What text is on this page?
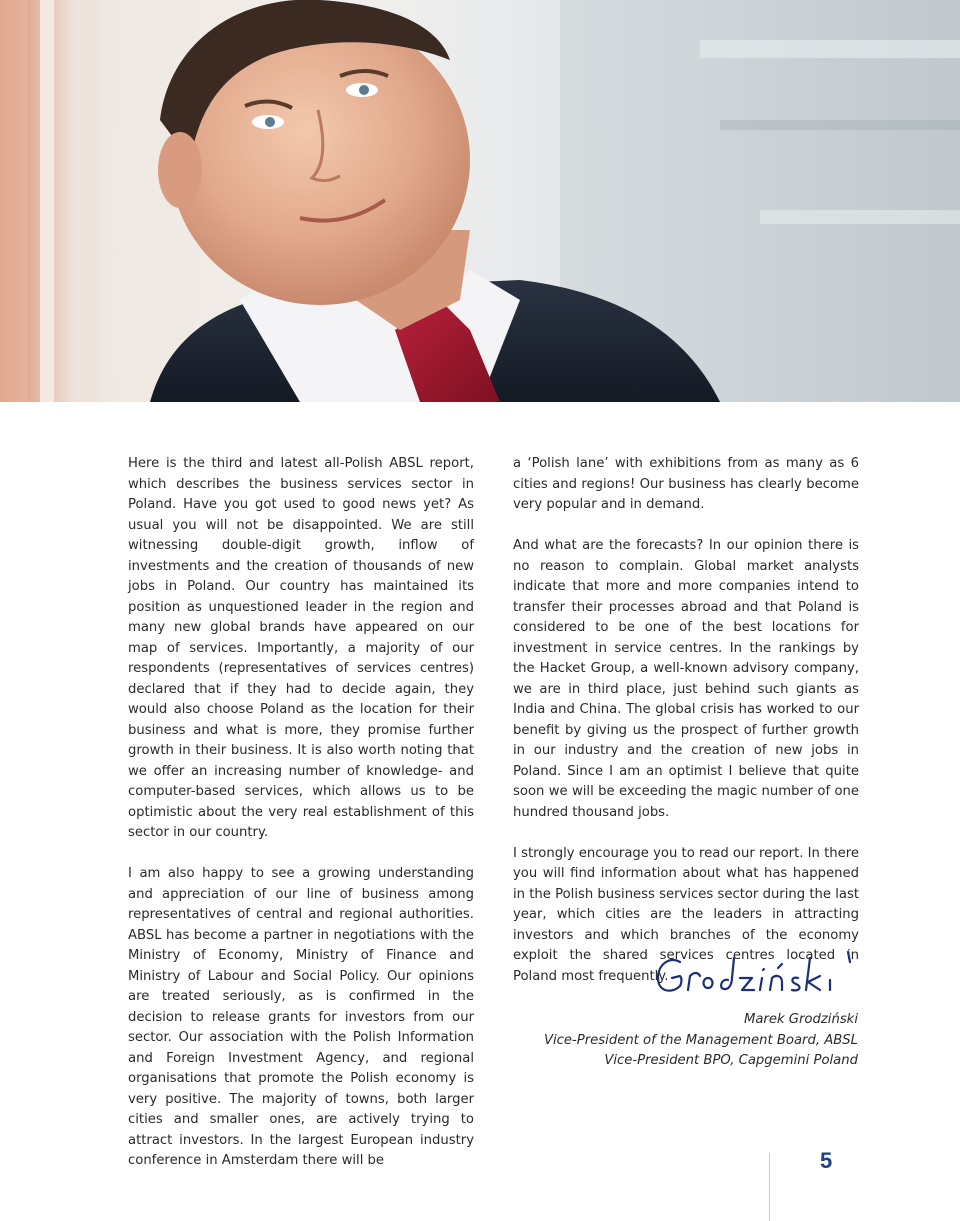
Here is the third and latest all-Polish ABSL report, which describes the business services sector in Poland. Have you got used to good news yet? As usual you will not be disappointed. We are still witnessing double-digit growth, inflow of investments and the creation of thousands of new jobs in Poland. Our country has maintained its position as unquestioned leader in the region and many new global brands have appeared on our map of services. Importantly, a majority of our respondents (representatives of services centres) declared that if they had to decide again, they would also choose Poland as the location for their business and what is more, they promise further growth in their business. It is also worth noting that we offer an increasing number of knowledge- and computer-based services, which allows us to be optimistic about the very real establishment of this sector in our country.

I am also happy to see a growing understanding and appreciation of our line of business among representatives of central and regional authorities. ABSL has become a partner in negotiations with the Ministry of Economy, Ministry of Finance and Ministry of Labour and Social Policy. Our opinions are treated seriously, as is confirmed in the decision to release grants for investors from our sector. Our association with the Polish Information and Foreign Investment Agency, and regional organisations that promote the Polish economy is very positive. The majority of towns, both larger cities and smaller ones, are actively trying to attract investors. In the largest European industry conference in Amsterdam there will be

a ‘Polish lane’ with exhibitions from as many as 6 cities and regions! Our business has clearly become very popular and in demand.

And what are the forecasts? In our opinion there is no reason to complain. Global market analysts indicate that more and more companies intend to transfer their processes abroad and that Poland is considered to be one of the best locations for investment in service centres. In the rankings by the Hacket Group, a well-known advisory company, we are in third place, just behind such giants as India and China. The global crisis has worked to our benefit by giving us the prospect of further growth in our industry and the creation of new jobs in Poland. Since I am an optimist I believe that quite soon we will be exceeding the magic number of one hundred thousand jobs.

I strongly encourage you to read our report. In there you will find information about what has happened in the Polish business services sector during the last year, which cities are the leaders in attracting investors and which branches of the economy exploit the shared services centres located in Poland most frequently.

Marek Grodziński
Vice-President of the Management Board, ABSL
Vice-President BPO, Capgemini Poland
5
